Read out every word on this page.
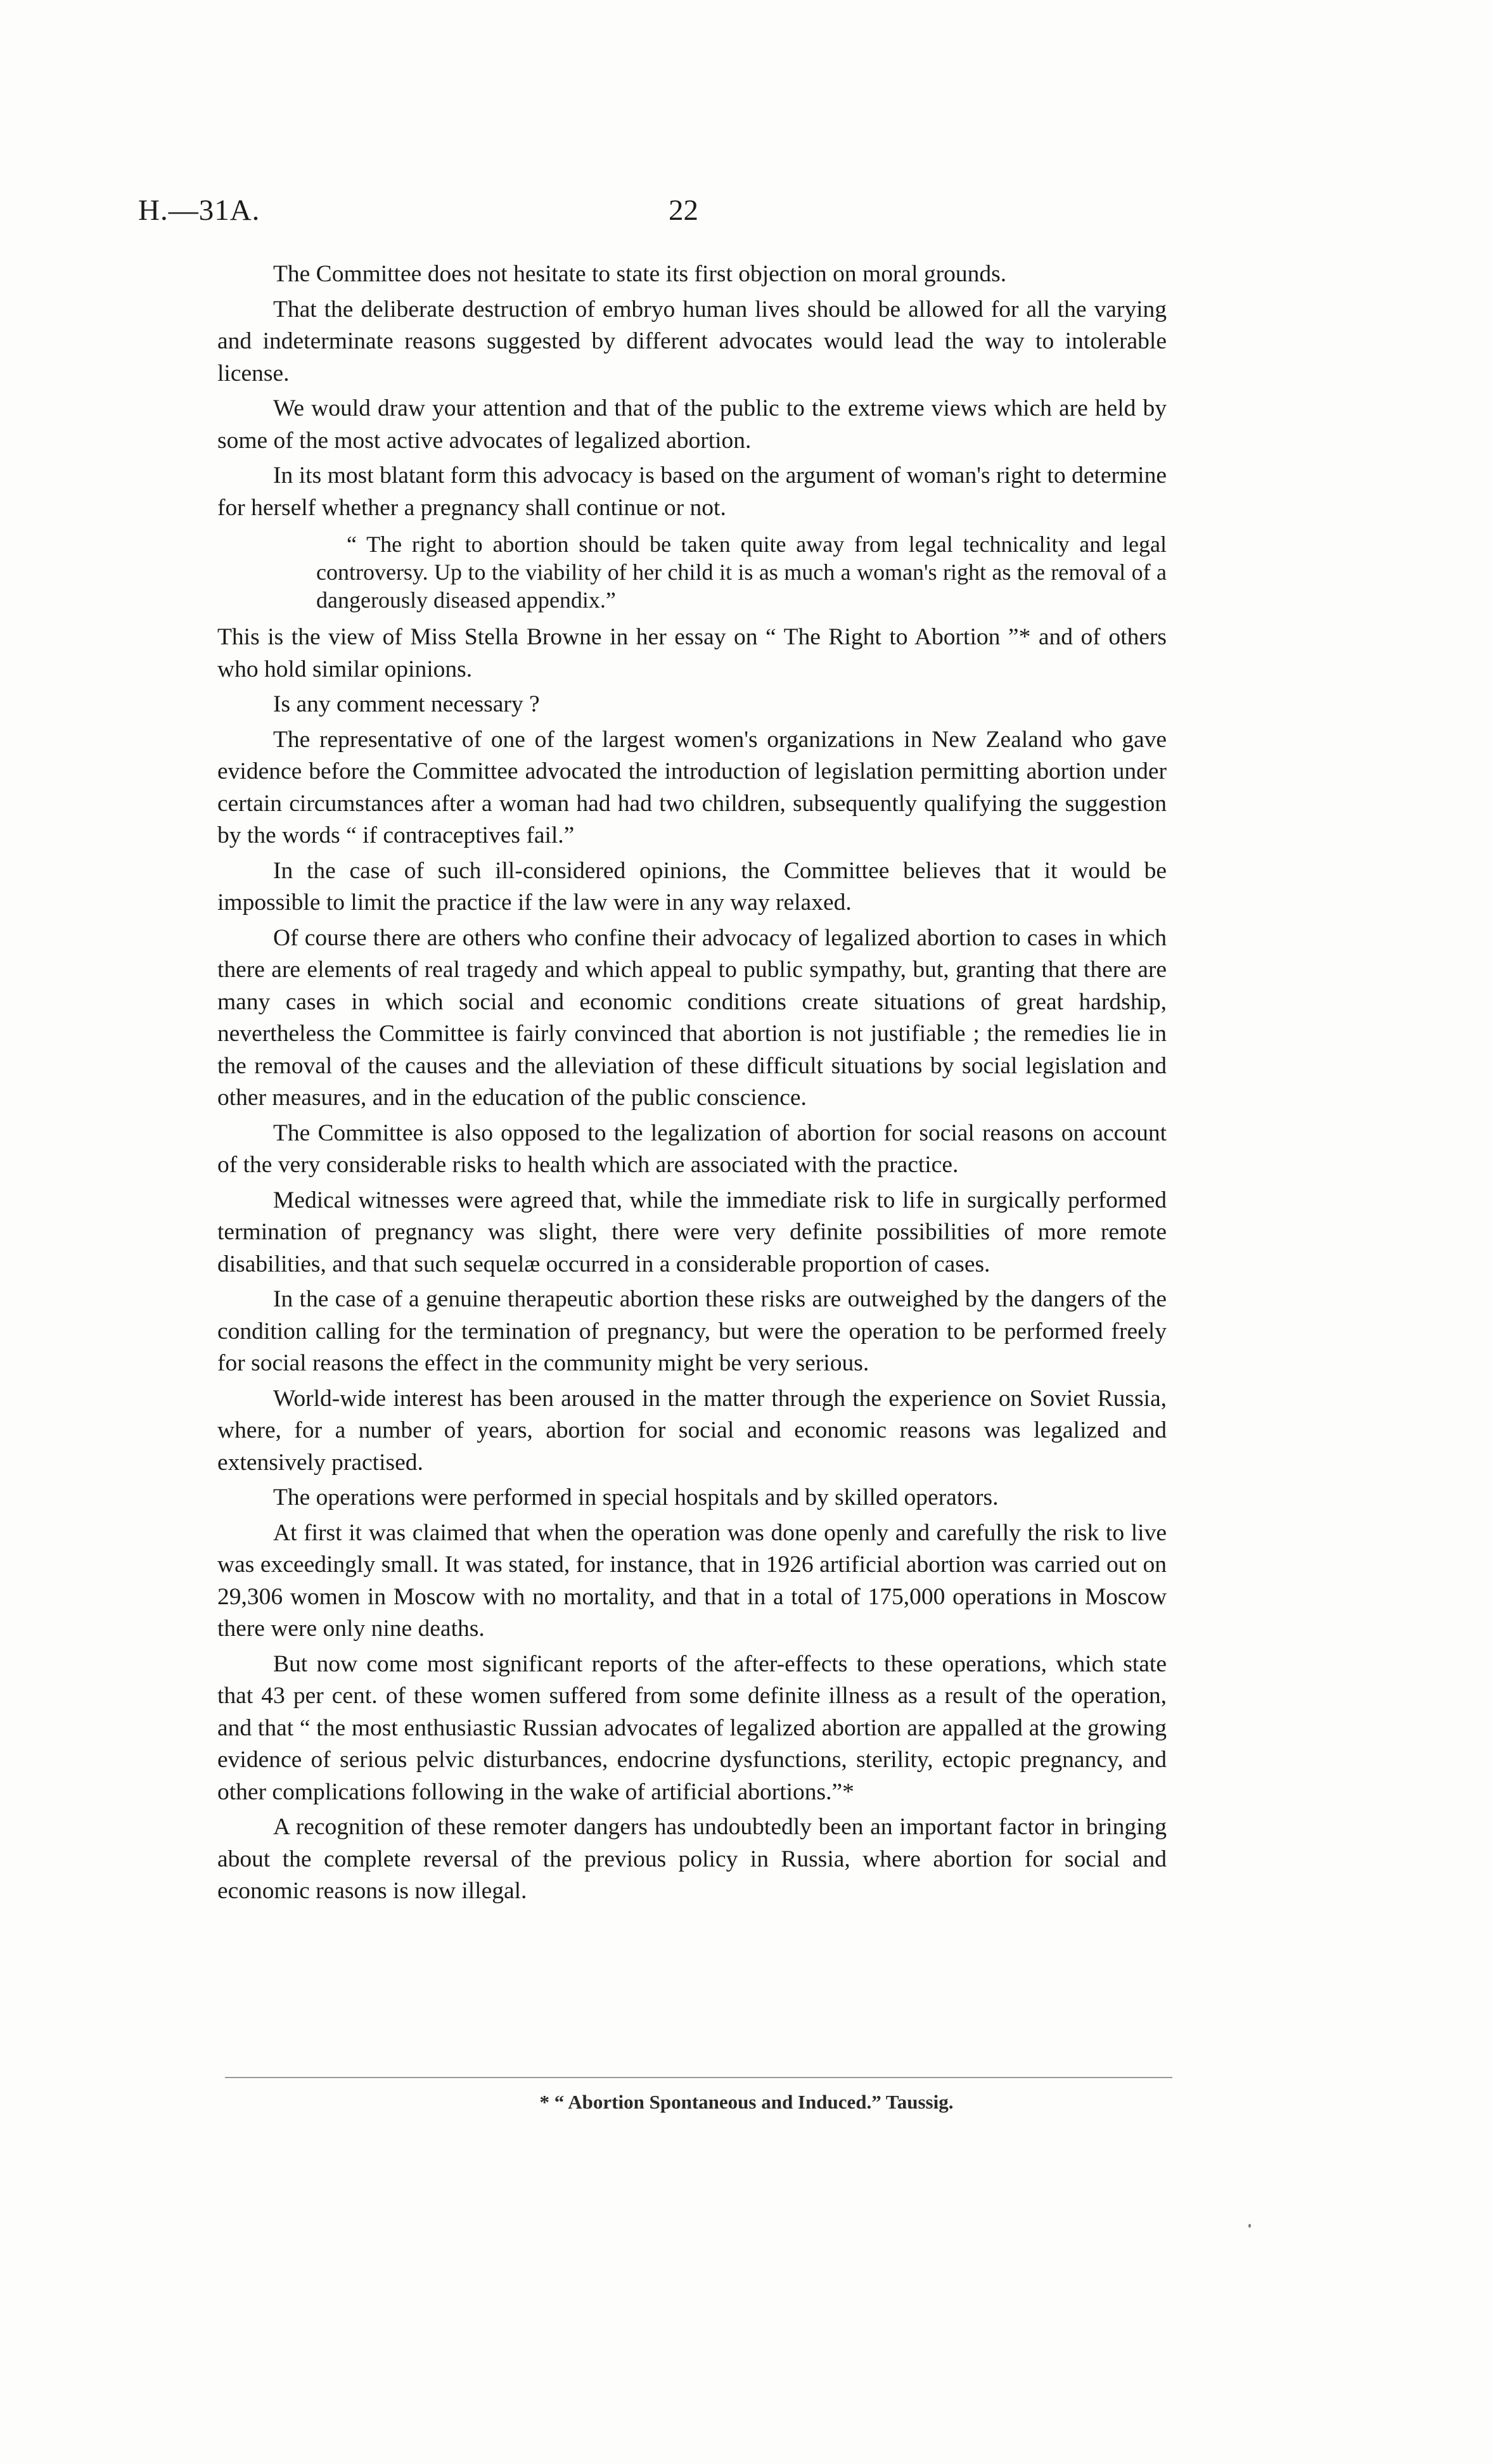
H.—31A.	22

The Committee does not hesitate to state its first objection on moral grounds.

That the deliberate destruction of embryo human lives should be allowed for all the varying and indeterminate reasons suggested by different advocates would lead the way to intolerable license.

We would draw your attention and that of the public to the extreme views which are held by some of the most active advocates of legalized abortion.

In its most blatant form this advocacy is based on the argument of woman's right to determine for herself whether a pregnancy shall continue or not.

“ The right to abortion should be taken quite away from legal technicality and legal controversy. Up to the viability of her child it is as much a woman's right as the removal of a dangerously diseased appendix.”

This is the view of Miss Stella Browne in her essay on “ The Right to Abortion ”* and of others who hold similar opinions.

Is any comment necessary ?

The representative of one of the largest women's organizations in New Zealand who gave evidence before the Committee advocated the introduction of legislation permitting abortion under certain circumstances after a woman had had two children, subsequently qualifying the suggestion by the words “ if contraceptives fail.”

In the case of such ill-considered opinions, the Committee believes that it would be impossible to limit the practice if the law were in any way relaxed.

Of course there are others who confine their advocacy of legalized abortion to cases in which there are elements of real tragedy and which appeal to public sympathy, but, granting that there are many cases in which social and economic conditions create situations of great hardship, nevertheless the Committee is fairly convinced that abortion is not justifiable ; the remedies lie in the removal of the causes and the alleviation of these difficult situations by social legislation and other measures, and in the education of the public conscience.

The Committee is also opposed to the legalization of abortion for social reasons on account of the very considerable risks to health which are associated with the practice.

Medical witnesses were agreed that, while the immediate risk to life in surgically performed termination of pregnancy was slight, there were very definite possibilities of more remote disabilities, and that such sequelæ occurred in a considerable proportion of cases.

In the case of a genuine therapeutic abortion these risks are outweighed by the dangers of the condition calling for the termination of pregnancy, but were the operation to be performed freely for social reasons the effect in the community might be very serious.

World-wide interest has been aroused in the matter through the experience on Soviet Russia, where, for a number of years, abortion for social and economic reasons was legalized and extensively practised.

The operations were performed in special hospitals and by skilled operators.

At first it was claimed that when the operation was done openly and carefully the risk to live was exceedingly small. It was stated, for instance, that in 1926 artificial abortion was carried out on 29,306 women in Moscow with no mortality, and that in a total of 175,000 operations in Moscow there were only nine deaths.

But now come most significant reports of the after-effects to these operations, which state that 43 per cent. of these women suffered from some definite illness as a result of the operation, and that “ the most enthusiastic Russian advocates of legalized abortion are appalled at the growing evidence of serious pelvic disturbances, endocrine dysfunctions, sterility, ectopic pregnancy, and other complications following in the wake of artificial abortions.”*

A recognition of these remoter dangers has undoubtedly been an important factor in bringing about the complete reversal of the previous policy in Russia, where abortion for social and economic reasons is now illegal.

* “ Abortion Spontaneous and Induced.” Taussig.
